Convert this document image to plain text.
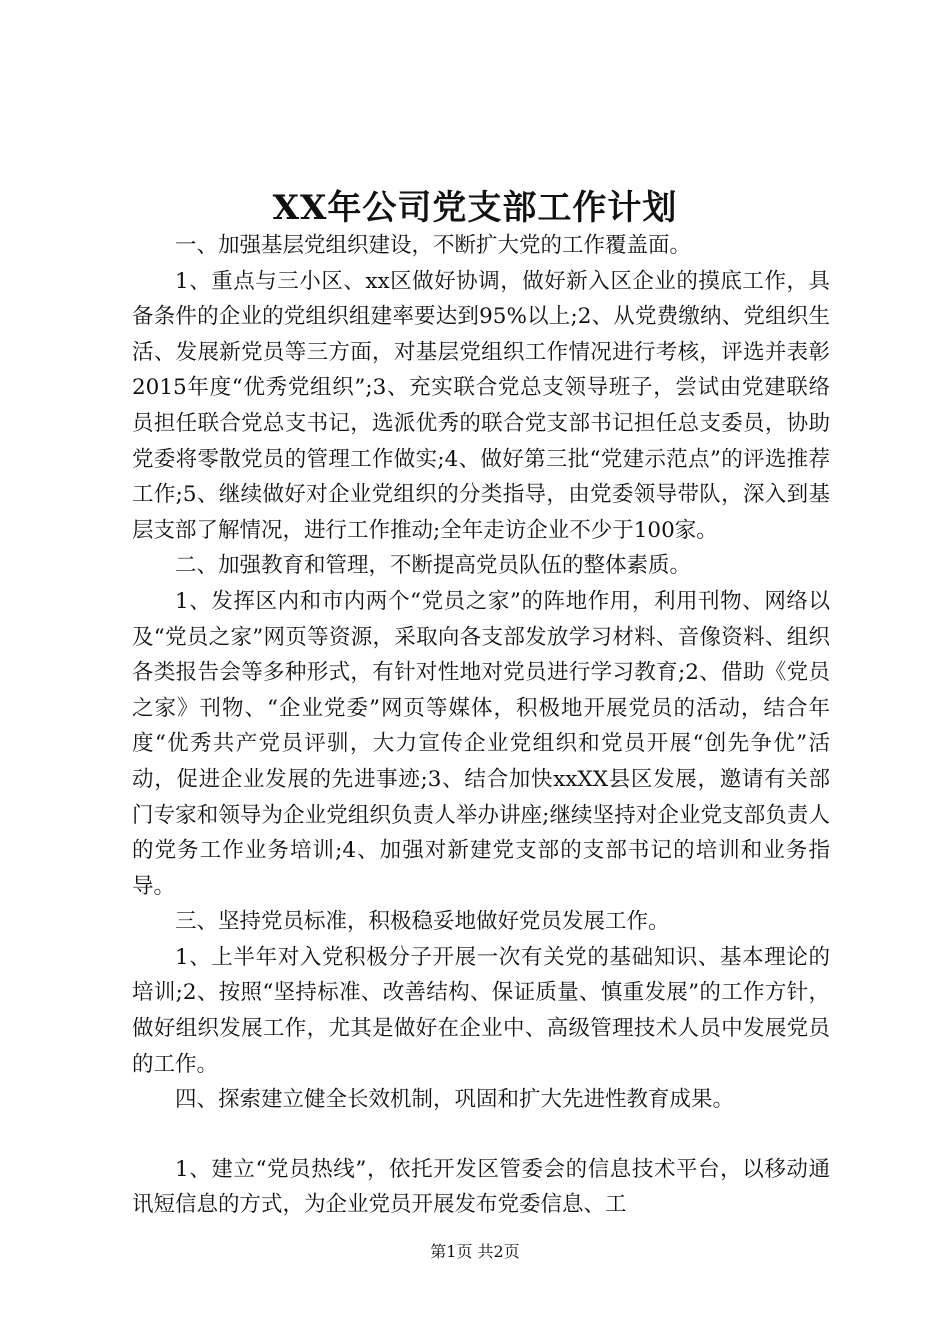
XX年公司党支部工作计划

一、加强基层党组织建设，不断扩大党的工作覆盖面。

1、重点与三小区、xx区做好协调，做好新入区企业的摸底工作，具备条件的企业的党组织组建率要达到95%以上;2、从党费缴纳、党组织生活、发展新党员等三方面，对基层党组织工作情况进行考核，评选并表彰2015年度“优秀党组织”;3、充实联合党总支领导班子，尝试由党建联络员担任联合党总支书记，选派优秀的联合党支部书记担任总支委员，协助党委将零散党员的管理工作做实;4、做好第三批“党建示范点”的评选推荐工作;5、继续做好对企业党组织的分类指导，由党委领导带队，深入到基层支部了解情况，进行工作推动;全年走访企业不少于100家。

二、加强教育和管理，不断提高党员队伍的整体素质。

1、发挥区内和市内两个“党员之家”的阵地作用，利用刊物、网络以及“党员之家”网页等资源，采取向各支部发放学习材料、音像资料、组织各类报告会等多种形式，有针对性地对党员进行学习教育;2、借助《党员之家》刊物、“企业党委”网页等媒体，积极地开展党员的活动，结合年度“优秀共产党员评驯，大力宣传企业党组织和党员开展“创先争优”活动，促进企业发展的先进事迹;3、结合加快xxXX县区发展，邀请有关部门专家和领导为企业党组织负责人举办讲座;继续坚持对企业党支部负责人的党务工作业务培训;4、加强对新建党支部的支部书记的培训和业务指导。

三、坚持党员标准，积极稳妥地做好党员发展工作。

1、上半年对入党积极分子开展一次有关党的基础知识、基本理论的培训;2、按照“坚持标准、改善结构、保证质量、慎重发展”的工作方针，做好组织发展工作，尤其是做好在企业中、高级管理技术人员中发展党员的工作。

四、探索建立健全长效机制，巩固和扩大先进性教育成果。

1、建立“党员热线”，依托开发区管委会的信息技术平台，以移动通讯短信息的方式，为企业党员开展发布党委信息、工

第1页 共2页
